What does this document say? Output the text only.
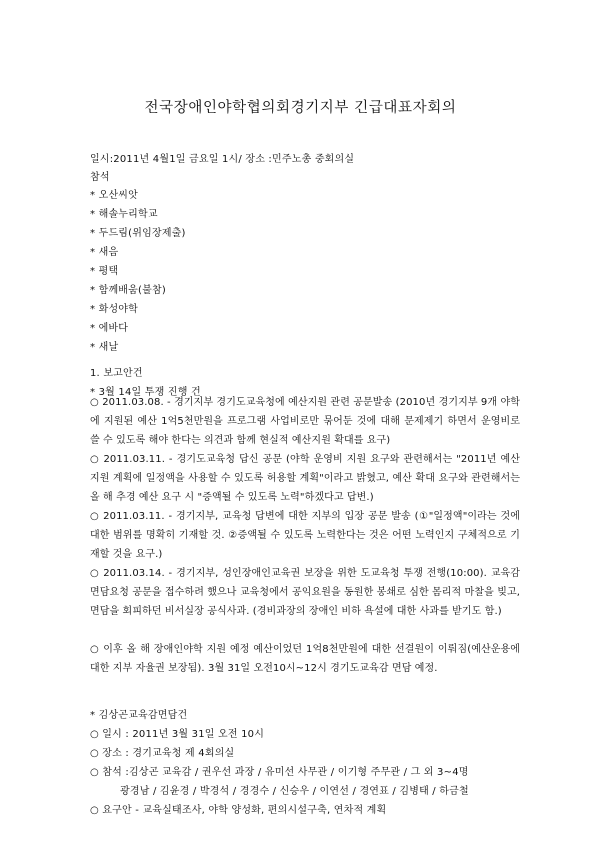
전국장애인야학협의회경기지부 긴급대표자회의
일시:2011년 4월1일 금요일 1시/ 장소 :민주노총 중회의실
참석
* 오산씨앗
* 해솔누리학교
* 두드림(위임장제출)
* 새음
* 평택
* 함께배움(불참)
* 화성야학
* 에바다
* 새날
1. 보고안건
* 3월 14일 투쟁 진행 건
○ 2011.03.08. - 경기지부 경기도교육청에 예산지원 관련 공문발송 (2010년 경기지부 9개 야학에 지원된 예산 1억5천만원을 프로그램 사업비로만 묶어둔 것에 대해 문제제기 하면서 운영비로 쓸 수 있도록 해야 한다는 의견과 함께 현실적 예산지원 확대를 요구)
○ 2011.03.11. - 경기도교육청 답신 공문 (야학 운영비 지원 요구와 관련해서는 "2011년 예산 지원 계획에 일정액을 사용할 수 있도록 허용할 계획"이라고 밝혔고, 예산 확대 요구와 관련해서는 올 해 추경 예산 요구 시 "증액될 수 있도록 노력"하겠다고 답변.)
○ 2011.03.11. - 경기지부, 교육청 답변에 대한 지부의 입장 공문 발송 (①"일정액"이라는 것에 대한 범위를 명확히 기재할 것. ②증액될 수 있도록 노력한다는 것은 어떤 노력인지 구체적으로 기재할 것을 요구.)
○ 2011.03.14. - 경기지부, 성인장애인교육권 보장을 위한 도교육청 투쟁 전행(10:00). 교육감 면담요청 공문을 접수하려 했으나 교육청에서 공익요원을 동원한 봉쇄로 심한 몸리적 마찰을 빚고, 면담을 회피하던 비서실장 공식사과. (경비과장의 장애인 비하 욕설에 대한 사과를 받기도 함.)
○ 이후 올 해 장애인야학 지원 예정 예산이었던 1억8천만원에 대한 선결원이 이뤄짐(예산운용에 대한 지부 자율권 보장됨). 3월 31일 오전10시~12시 경기도교육감 면담 예정.
* 김상곤교육감면담건
○ 일시 : 2011년 3월 31일 오전 10시
○ 장소 : 경기교육청 제 4회의실
○ 참석 :김상곤 교육감 / 권우선 과장 / 유미선 사무관 / 이기형 주무관 / 그 외 3~4명
광경남 / 김윤경 / 박경석 / 경경수 / 신승우 / 이연선 / 경연표 / 김병태 / 하금철
○ 요구안 - 교육실태조사, 야학 양성화, 편의시설구축, 연차적 계획
